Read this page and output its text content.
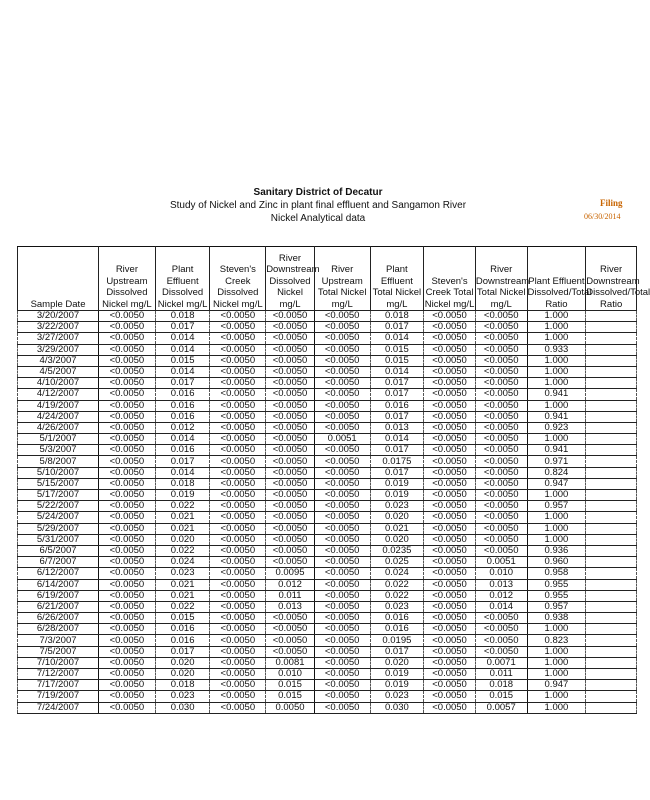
Sanitary District of Decatur
Study of Nickel and Zinc in plant final effluent and Sangamon River
Nickel Analytical data
Filing
06/30/2014
Sample Date	River Upstream Dissolved Nickel mg/L	Plant Effluent Dissolved Nickel mg/L	Steven's Creek Dissolved Nickel mg/L	River Downstream Dissolved Nickel mg/L	River Upstream Total Nickel mg/L	Plant Effluent Total Nickel mg/L	Steven's Creek Total Nickel mg/L	River Downstream Total Nickel mg/L	Plant Effluent Dissolved/Total Ratio	River Downstream Dissolved/Total Ratio
3/20/2007	<0.0050	0.018	<0.0050	<0.0050	<0.0050	0.018	<0.0050	<0.0050	1.000	
3/22/2007	<0.0050	0.017	<0.0050	<0.0050	<0.0050	0.017	<0.0050	<0.0050	1.000	
3/27/2007	<0.0050	0.014	<0.0050	<0.0050	<0.0050	0.014	<0.0050	<0.0050	1.000	
3/29/2007	<0.0050	0.014	<0.0050	<0.0050	<0.0050	0.015	<0.0050	<0.0050	0.933	
4/3/2007	<0.0050	0.015	<0.0050	<0.0050	<0.0050	0.015	<0.0050	<0.0050	1.000	
4/5/2007	<0.0050	0.014	<0.0050	<0.0050	<0.0050	0.014	<0.0050	<0.0050	1.000	
4/10/2007	<0.0050	0.017	<0.0050	<0.0050	<0.0050	0.017	<0.0050	<0.0050	1.000	
4/12/2007	<0.0050	0.016	<0.0050	<0.0050	<0.0050	0.017	<0.0050	<0.0050	0.941	
4/19/2007	<0.0050	0.016	<0.0050	<0.0050	<0.0050	0.016	<0.0050	<0.0050	1.000	
4/24/2007	<0.0050	0.016	<0.0050	<0.0050	<0.0050	0.017	<0.0050	<0.0050	0.941	
4/26/2007	<0.0050	0.012	<0.0050	<0.0050	<0.0050	0.013	<0.0050	<0.0050	0.923	
5/1/2007	<0.0050	0.014	<0.0050	<0.0050	0.0051	0.014	<0.0050	<0.0050	1.000	
5/3/2007	<0.0050	0.016	<0.0050	<0.0050	<0.0050	0.017	<0.0050	<0.0050	0.941	
5/8/2007	<0.0050	0.017	<0.0050	<0.0050	<0.0050	0.0175	<0.0050	<0.0050	0.971	
5/10/2007	<0.0050	0.014	<0.0050	<0.0050	<0.0050	0.017	<0.0050	<0.0050	0.824	
5/15/2007	<0.0050	0.018	<0.0050	<0.0050	<0.0050	0.019	<0.0050	<0.0050	0.947	
5/17/2007	<0.0050	0.019	<0.0050	<0.0050	<0.0050	0.019	<0.0050	<0.0050	1.000	
5/22/2007	<0.0050	0.022	<0.0050	<0.0050	<0.0050	0.023	<0.0050	<0.0050	0.957	
5/24/2007	<0.0050	0.021	<0.0050	<0.0050	<0.0050	0.020	<0.0050	<0.0050	1.000	
5/29/2007	<0.0050	0.021	<0.0050	<0.0050	<0.0050	0.021	<0.0050	<0.0050	1.000	
5/31/2007	<0.0050	0.020	<0.0050	<0.0050	<0.0050	0.020	<0.0050	<0.0050	1.000	
6/5/2007	<0.0050	0.022	<0.0050	<0.0050	<0.0050	0.0235	<0.0050	<0.0050	0.936	
6/7/2007	<0.0050	0.024	<0.0050	<0.0050	<0.0050	0.025	<0.0050	0.0051	0.960	
6/12/2007	<0.0050	0.023	<0.0050	0.0095	<0.0050	0.024	<0.0050	0.010	0.958	
6/14/2007	<0.0050	0.021	<0.0050	0.012	<0.0050	0.022	<0.0050	0.013	0.955	
6/19/2007	<0.0050	0.021	<0.0050	0.011	<0.0050	0.022	<0.0050	0.012	0.955	
6/21/2007	<0.0050	0.022	<0.0050	0.013	<0.0050	0.023	<0.0050	0.014	0.957	
6/26/2007	<0.0050	0.015	<0.0050	<0.0050	<0.0050	0.016	<0.0050	<0.0050	0.938	
6/28/2007	<0.0050	0.016	<0.0050	<0.0050	<0.0050	0.016	<0.0050	<0.0050	1.000	
7/3/2007	<0.0050	0.016	<0.0050	<0.0050	<0.0050	0.0195	<0.0050	<0.0050	0.823	
7/5/2007	<0.0050	0.017	<0.0050	<0.0050	<0.0050	0.017	<0.0050	<0.0050	1.000	
7/10/2007	<0.0050	0.020	<0.0050	0.0081	<0.0050	0.020	<0.0050	0.0071	1.000	
7/12/2007	<0.0050	0.020	<0.0050	0.010	<0.0050	0.019	<0.0050	0.011	1.000	
7/17/2007	<0.0050	0.018	<0.0050	0.015	<0.0050	0.019	<0.0050	0.018	0.947	
7/19/2007	<0.0050	0.023	<0.0050	0.015	<0.0050	0.023	<0.0050	0.015	1.000	
7/24/2007	<0.0050	0.030	<0.0050	0.0050	<0.0050	0.030	<0.0050	0.0057	1.000	
